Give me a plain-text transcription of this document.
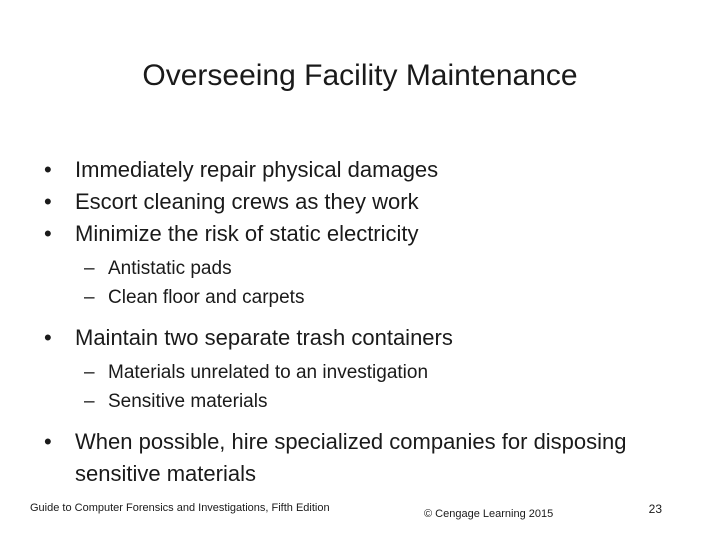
Overseeing Facility Maintenance
•	Immediately repair physical damages
•	Escort cleaning crews as they work
•	Minimize the risk of static electricity
– Antistatic pads
– Clean floor and carpets
•	Maintain two separate trash containers
– Materials unrelated to an investigation
– Sensitive materials
•	When possible, hire specialized companies for disposing sensitive materials
Guide to Computer Forensics and Investigations, Fifth Edition	© Cengage Learning 2015	23
